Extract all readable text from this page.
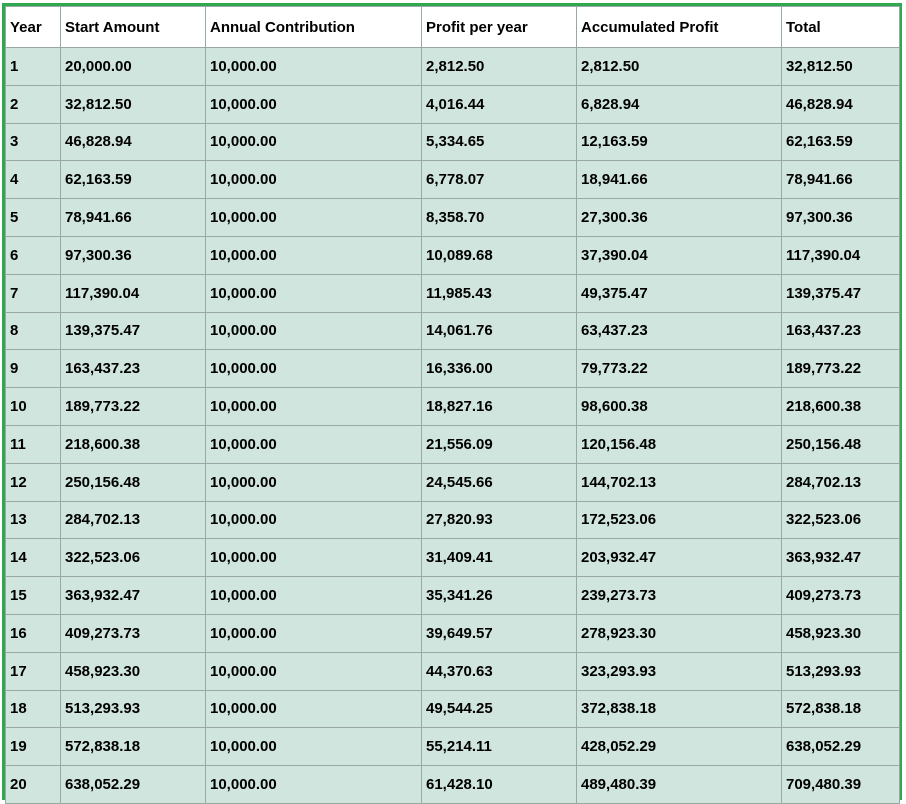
Year	Start Amount	Annual Contribution	Profit per year	Accumulated Profit	Total
1	20,000.00	10,000.00	2,812.50	2,812.50	32,812.50
2	32,812.50	10,000.00	4,016.44	6,828.94	46,828.94
3	46,828.94	10,000.00	5,334.65	12,163.59	62,163.59
4	62,163.59	10,000.00	6,778.07	18,941.66	78,941.66
5	78,941.66	10,000.00	8,358.70	27,300.36	97,300.36
6	97,300.36	10,000.00	10,089.68	37,390.04	117,390.04
7	117,390.04	10,000.00	11,985.43	49,375.47	139,375.47
8	139,375.47	10,000.00	14,061.76	63,437.23	163,437.23
9	163,437.23	10,000.00	16,336.00	79,773.22	189,773.22
10	189,773.22	10,000.00	18,827.16	98,600.38	218,600.38
11	218,600.38	10,000.00	21,556.09	120,156.48	250,156.48
12	250,156.48	10,000.00	24,545.66	144,702.13	284,702.13
13	284,702.13	10,000.00	27,820.93	172,523.06	322,523.06
14	322,523.06	10,000.00	31,409.41	203,932.47	363,932.47
15	363,932.47	10,000.00	35,341.26	239,273.73	409,273.73
16	409,273.73	10,000.00	39,649.57	278,923.30	458,923.30
17	458,923.30	10,000.00	44,370.63	323,293.93	513,293.93
18	513,293.93	10,000.00	49,544.25	372,838.18	572,838.18
19	572,838.18	10,000.00	55,214.11	428,052.29	638,052.29
20	638,052.29	10,000.00	61,428.10	489,480.39	709,480.39
